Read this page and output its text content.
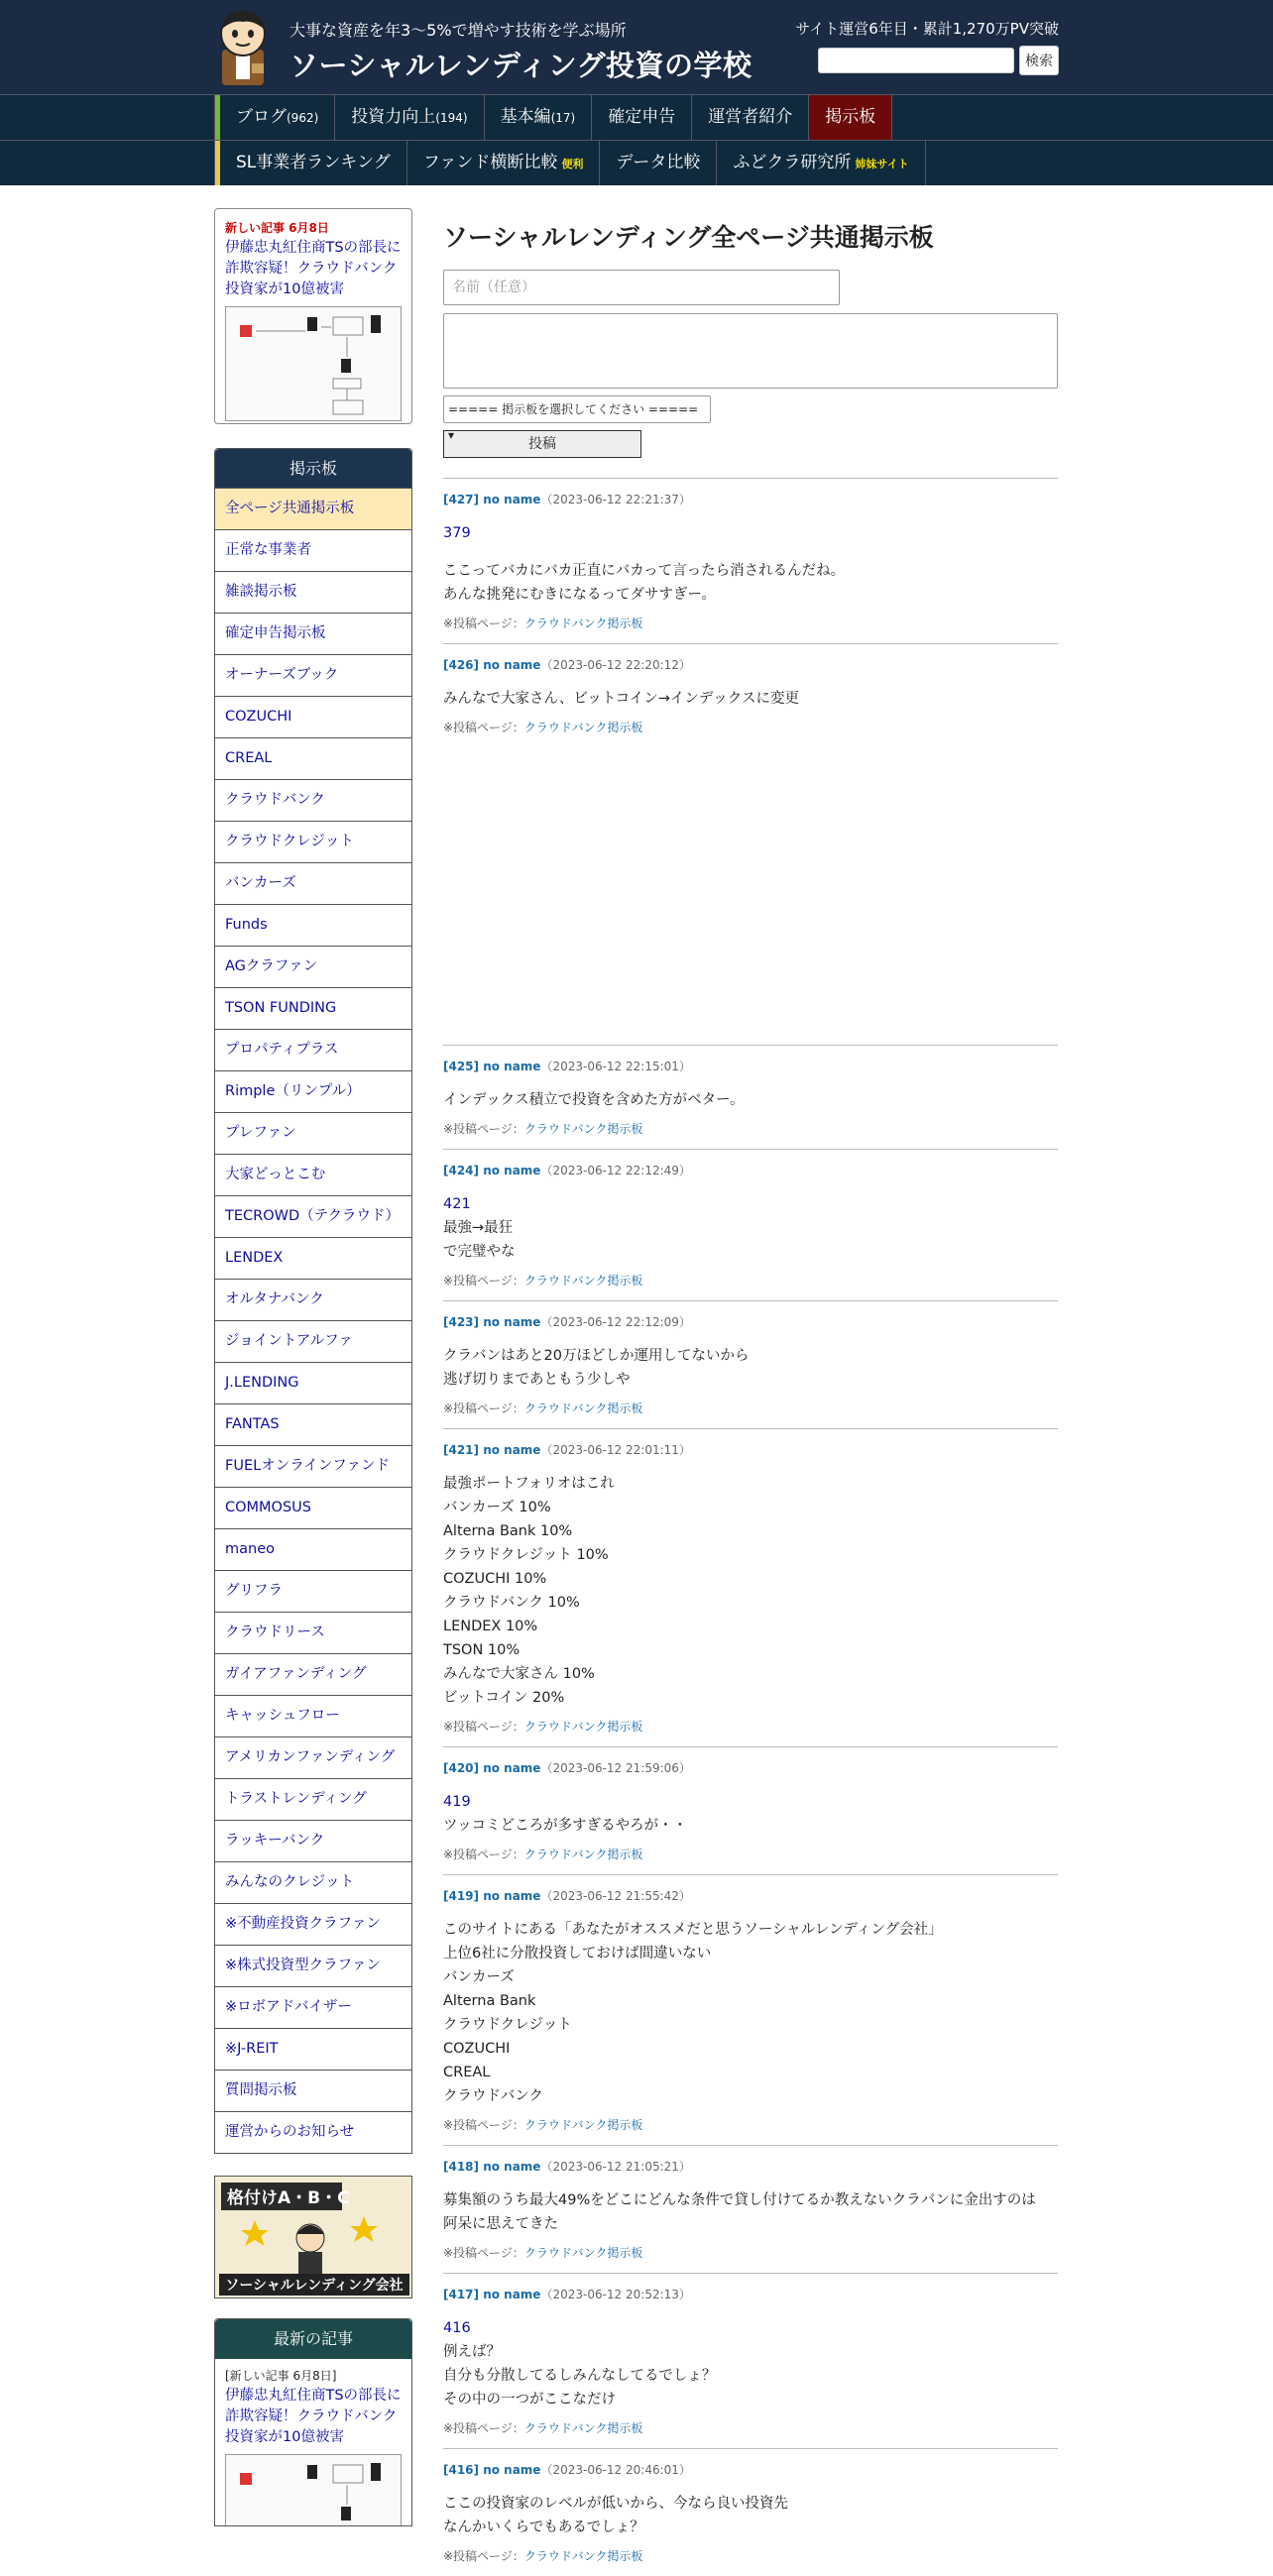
大事な資産を年3～5%で増やす技術を学ぶ場所
ソーシャルレンディング投資の学校
サイト運営6年目・累計1,270万PV突破
検索
ブログ(962)	投資力向上(194)	基本編(17)	確定申告	運営者紹介	掲示板
SL事業者ランキング	ファンド横断比較 便利	データ比較	ふどクラ研究所 姉妹サイト
新しい記事 6月8日
伊藤忠丸紅住商TSの部長に詐欺容疑！クラウドバンク投資家が10億被害
掲示板
全ページ共通掲示板
正常な事業者
雑談掲示板
確定申告掲示板
オーナーズブック
COZUCHI
CREAL
クラウドバンク
クラウドクレジット
バンカーズ
Funds
AGクラファン
TSON FUNDING
プロパティプラス
Rimple（リンプル）
プレファン
大家どっとこむ
TECROWD（テクラウド）
LENDEX
オルタナバンク
ジョイントアルファ
J.LENDING
FANTAS
FUELオンラインファンド
COMMOSUS
maneo
グリフラ
クラウドリース
ガイアファンディング
キャッシュフロー
アメリカンファンディング
トラストレンディング
ラッキーバンク
みんなのクレジット
※不動産投資クラファン
※株式投資型クラファン
※ロボアドバイザー
※J-REIT
質問掲示板
運営からのお知らせ
格付けA・B・C
ソーシャルレンディング会社
最新の記事
[新しい記事 6月8日]
伊藤忠丸紅住商TSの部長に詐欺容疑！クラウドバンク投資家が10億被害
ソーシャルレンディング全ページ共通掲示板
名前（任意）
===== 掲示板を選択してください ===== ▾
投稿
[427] no name（2023-06-12 22:21:37）
379
ここってバカにバカ正直にバカって言ったら消されるんだね。
あんな挑発にむきになるってダサすぎー。
※投稿ページ：クラウドバンク掲示板
[426] no name（2023-06-12 22:20:12）
みんなで大家さん、ビットコイン→インデックスに変更
※投稿ページ：クラウドバンク掲示板
[425] no name（2023-06-12 22:15:01）
インデックス積立で投資を含めた方がベター。
※投稿ページ：クラウドバンク掲示板
[424] no name（2023-06-12 22:12:49）
421
最強→最狂
で完璧やな
※投稿ページ：クラウドバンク掲示板
[423] no name（2023-06-12 22:12:09）
クラバンはあと20万ほどしか運用してないから
逃げ切りまであともう少しや
※投稿ページ：クラウドバンク掲示板
[421] no name（2023-06-12 22:01:11）
最強ポートフォリオはこれ
バンカーズ 10%
Alterna Bank 10%
クラウドクレジット 10%
COZUCHI 10%
クラウドバンク 10%
LENDEX 10%
TSON 10%
みんなで大家さん 10%
ビットコイン 20%
※投稿ページ：クラウドバンク掲示板
[420] no name（2023-06-12 21:59:06）
419
ツッコミどころが多すぎるやろが・・
※投稿ページ：クラウドバンク掲示板
[419] no name（2023-06-12 21:55:42）
このサイトにある「あなたがオススメだと思うソーシャルレンディング会社」
上位6社に分散投資しておけば間違いない
バンカーズ
Alterna Bank
クラウドクレジット
COZUCHI
CREAL
クラウドバンク
※投稿ページ：クラウドバンク掲示板
[418] no name（2023-06-12 21:05:21）
募集額のうち最大49%をどこにどんな条件で貸し付けてるか教えないクラバンに金出すのは
阿呆に思えてきた
※投稿ページ：クラウドバンク掲示板
[417] no name（2023-06-12 20:52:13）
416
例えば？
自分も分散してるしみんなしてるでしょ？
その中の一つがここなだけ
※投稿ページ：クラウドバンク掲示板
[416] no name（2023-06-12 20:46:01）
ここの投資家のレベルが低いから、今なら良い投資先
なんかいくらでもあるでしょ？
※投稿ページ：クラウドバンク掲示板
